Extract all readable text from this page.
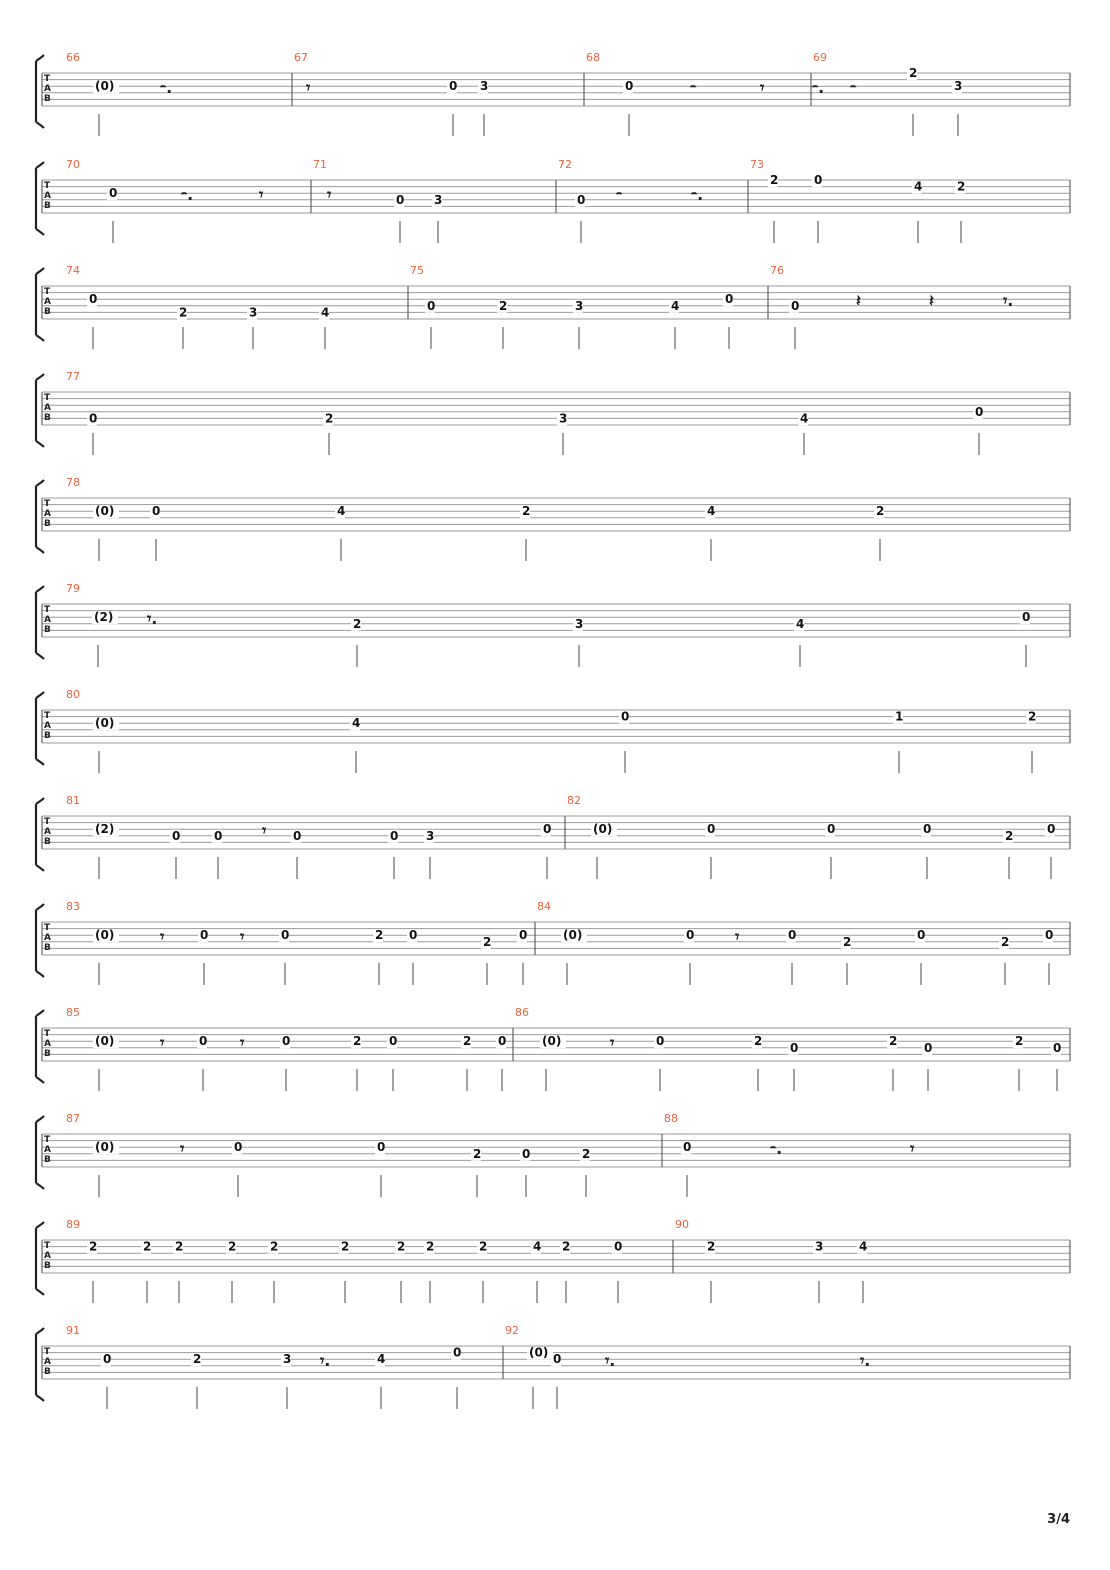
T
A
B
66	67	68	69
(0)	0 3	0
2
3
𝄼.	𝄾	𝄼	𝄼.
𝄾	𝄼
T
A
B
70	71	72	73
0	0 3	0
2	0	4	2
𝄼.	𝄾	𝄼	𝄼.
𝄾
T
A
B
74	75	76
0
2	3	4	0	2	3	4	0	0	𝄽	𝄽	𝄾.
T
A
B
77
0	2	3	4	0
T
A
B
78
(0)	0	4	2	4	2
T
A
B
79
(2)	2	3	4	0
𝄾.
T
A
B
80
(0)	4	0	1	2
T
A
B
81	82
(2)	0	0	0	0 3	0	(0)	0	0	0	2	0
𝄾
T
A
B
83	84
(0)	0	0	2 0	2 0	(0)	0	0	2	0	2	0
𝄾	𝄾	𝄾
T
A
B
85	86
(0)	0	0	2 0	2 0	(0)	0	2 0	2 0	2 0
𝄾	𝄾	𝄾
T
A
B
87	88
(0)	0	0	2	0	2	0
𝄾	𝄼.	𝄾
T
A
B
89	90
2	2 2	2	2	2	2 2	2	4 2	0	2	3	4
T
A
B
91	92
0	2	3	4	0	(0) 0	𝄾.
𝄾.
𝄾.
3/4
